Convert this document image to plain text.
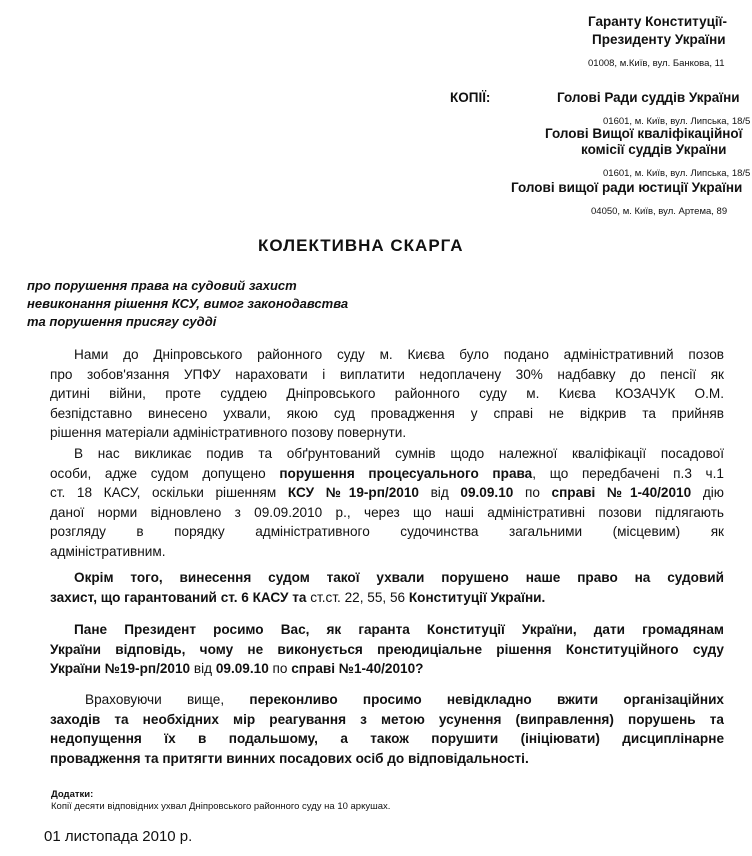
Гаранту Конституції-
Президенту України
01008, м.Київ, вул. Банкова, 11
КОПІЇ:	Голові Ради суддів України
01601, м. Київ, вул. Липська, 18/5
Голові Вищої кваліфікаційної
комісії суддів України
01601, м. Київ, вул. Липська, 18/5
Голові вищої ради юстиції України
04050, м. Київ, вул. Артема, 89
КОЛЕКТИВНА СКАРГА
про порушення права на судовий захист
невиконання рішення КСУ, вимог законодавства
та порушення присягу судді
Нами до Дніпровського районного суду м. Києва було подано адміністративний позов
про зобов'язання УПФУ нараховати і виплатити недоплачену 30% надбавку до пенсії як
дитині війни, проте суддею Дніпровського районного суду м. Києва КОЗАЧУК О.М.
безпідставно винесено ухвали, якою суд провадження у справі не відкрив та прийняв
рішення матеріали адміністративного позову повернути.
В нас викликає подив та обґрунтований сумнів щодо належної кваліфікації посадової
особи, адже судом допущено порушення процесуального права, що передбачені п.3 ч.1
ст. 18 КАСУ, оскільки рішенням КСУ №19-рп/2010 від 09.09.10 по справі №1-40/2010 дію
даної норми відновлено з 09.09.2010 р., через що наші адміністративні позови підлягають
розгляду в порядку адміністративного судочинства загальними (місцевим) як
адміністративним.
Окрім того, винесення судом такої ухвали порушено наше право на судовий
захист, що гарантований ст. 6 КАСУ та ст.ст. 22, 55, 56 Конституції України.
Пане Президент росимо Вас, як гаранта Конституції України, дати громадянам
України відповідь, чому не виконується преюдиціальне рішення Конституційного суду
України №19-рп/2010 від 09.09.10 по справі №1-40/2010?
Враховуючи вище, переконливо просимо невідкладно вжити організаційних
заходів та необхідних мір реагування з метою усунення (виправлення) порушень та
недопущення їх в подальшому, а також порушити (ініціювати) дисциплінарне
провадження та притягти винних посадових осіб до відповідальності.
Додатки:
Копії десяти відповідних ухвал Дніпровського районного суду на 10 аркушах.
01 листопада 2010 р.
